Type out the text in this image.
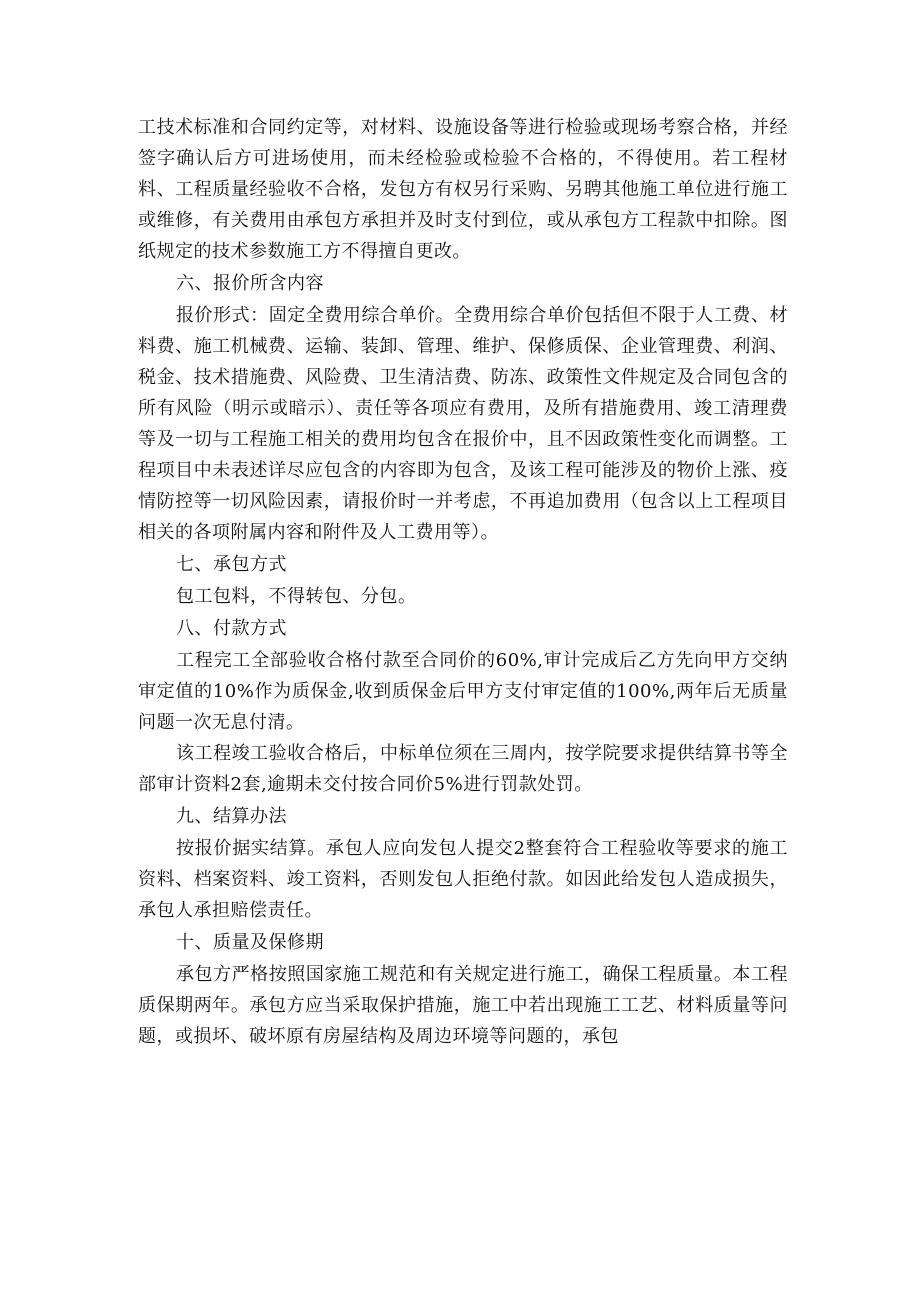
工技术标准和合同约定等，对材料、设施设备等进行检验或现场考察合格，并经签字确认后方可进场使用，而未经检验或检验不合格的，不得使用。若工程材料、工程质量经验收不合格，发包方有权另行采购、另聘其他施工单位进行施工或维修，有关费用由承包方承担并及时支付到位，或从承包方工程款中扣除。图纸规定的技术参数施工方不得擅自更改。

六、报价所含内容

报价形式：固定全费用综合单价。全费用综合单价包括但不限于人工费、材料费、施工机械费、运输、装卸、管理、维护、保修质保、企业管理费、利润、税金、技术措施费、风险费、卫生清洁费、防冻、政策性文件规定及合同包含的所有风险（明示或暗示）、责任等各项应有费用，及所有措施费用、竣工清理费等及一切与工程施工相关的费用均包含在报价中，且不因政策性变化而调整。工程项目中未表述详尽应包含的内容即为包含，及该工程可能涉及的物价上涨、疫情防控等一切风险因素，请报价时一并考虑，不再追加费用（包含以上工程项目相关的各项附属内容和附件及人工费用等）。

七、承包方式

包工包料，不得转包、分包。

八、付款方式

工程完工全部验收合格付款至合同价的60%,审计完成后乙方先向甲方交纳审定值的10%作为质保金,收到质保金后甲方支付审定值的100%,两年后无质量问题一次无息付清。

该工程竣工验收合格后，中标单位须在三周内，按学院要求提供结算书等全部审计资料2套,逾期未交付按合同价5%进行罚款处罚。

九、结算办法

按报价据实结算。承包人应向发包人提交2整套符合工程验收等要求的施工资料、档案资料、竣工资料，否则发包人拒绝付款。如因此给发包人造成损失，承包人承担赔偿责任。

十、质量及保修期

承包方严格按照国家施工规范和有关规定进行施工，确保工程质量。本工程质保期两年。承包方应当采取保护措施，施工中若出现施工工艺、材料质量等问题，或损坏、破坏原有房屋结构及周边环境等问题的，承包
